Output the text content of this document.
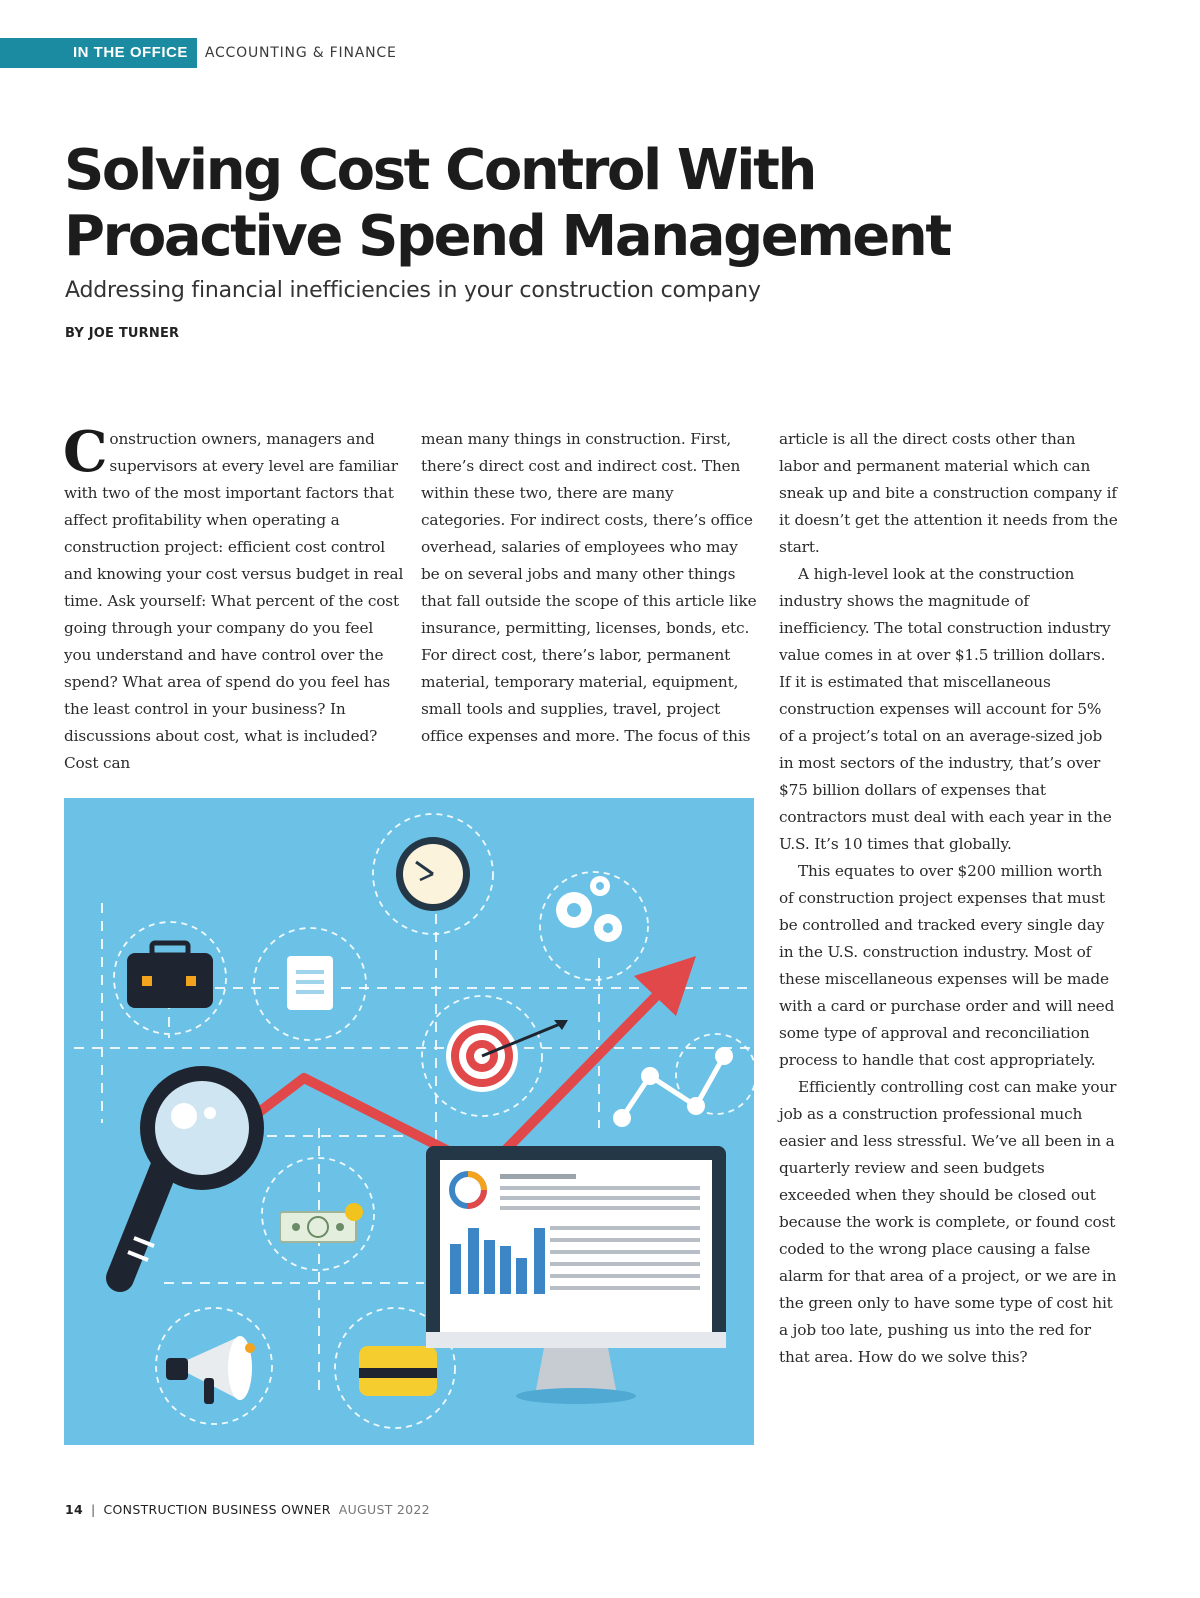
IN THE OFFICE	ACCOUNTING & FINANCE
Solving Cost Control With
Proactive Spend Management
Addressing financial inefficiencies in your construction company
BY JOE TURNER

Construction owners, managers and supervisors at every level are familiar with two of the most important factors that affect profitability when operating a construction project: efficient cost control and knowing your cost versus budget in real time. Ask yourself: What percent of the cost going through your company do you feel you understand and have control over the spend? What area of spend do you feel has the least control in your business? In discussions about cost, what is included? Cost can

mean many things in construction. First, there’s direct cost and indirect cost. Then within these two, there are many categories. For indirect costs, there’s office overhead, salaries of employees who may be on several jobs and many other things that fall outside the scope of this article like insurance, permitting, licenses, bonds, etc. For direct cost, there’s labor, permanent material, temporary material, equipment, small tools and supplies, travel, project office expenses and more. The focus of this

article is all the direct costs other than labor and permanent material which can sneak up and bite a construction company if it doesn’t get the attention it needs from the start.

A high-level look at the construction industry shows the magnitude of inefficiency. The total construction industry value comes in at over $1.5 trillion dollars. If it is estimated that miscellaneous construction expenses will account for 5% of a project’s total on an average-sized job in most sectors of the industry, that’s over $75 billion dollars of expenses that contractors must deal with each year in the U.S. It’s 10 times that globally.

This equates to over $200 million worth of construction project expenses that must be controlled and tracked every single day in the U.S. construction industry. Most of these miscellaneous expenses will be made with a card or purchase order and will need some type of approval and reconciliation process to handle that cost appropriately.

Efficiently controlling cost can make your job as a construction professional much easier and less stressful. We’ve all been in a quarterly review and seen budgets exceeded when they should be closed out because the work is complete, or found cost coded to the wrong place causing a false alarm for that area of a project, or we are in the green only to have some type of cost hit a job too late, pushing us into the red for that area. How do we solve this?

14 | CONSTRUCTION BUSINESS OWNER AUGUST 2022
